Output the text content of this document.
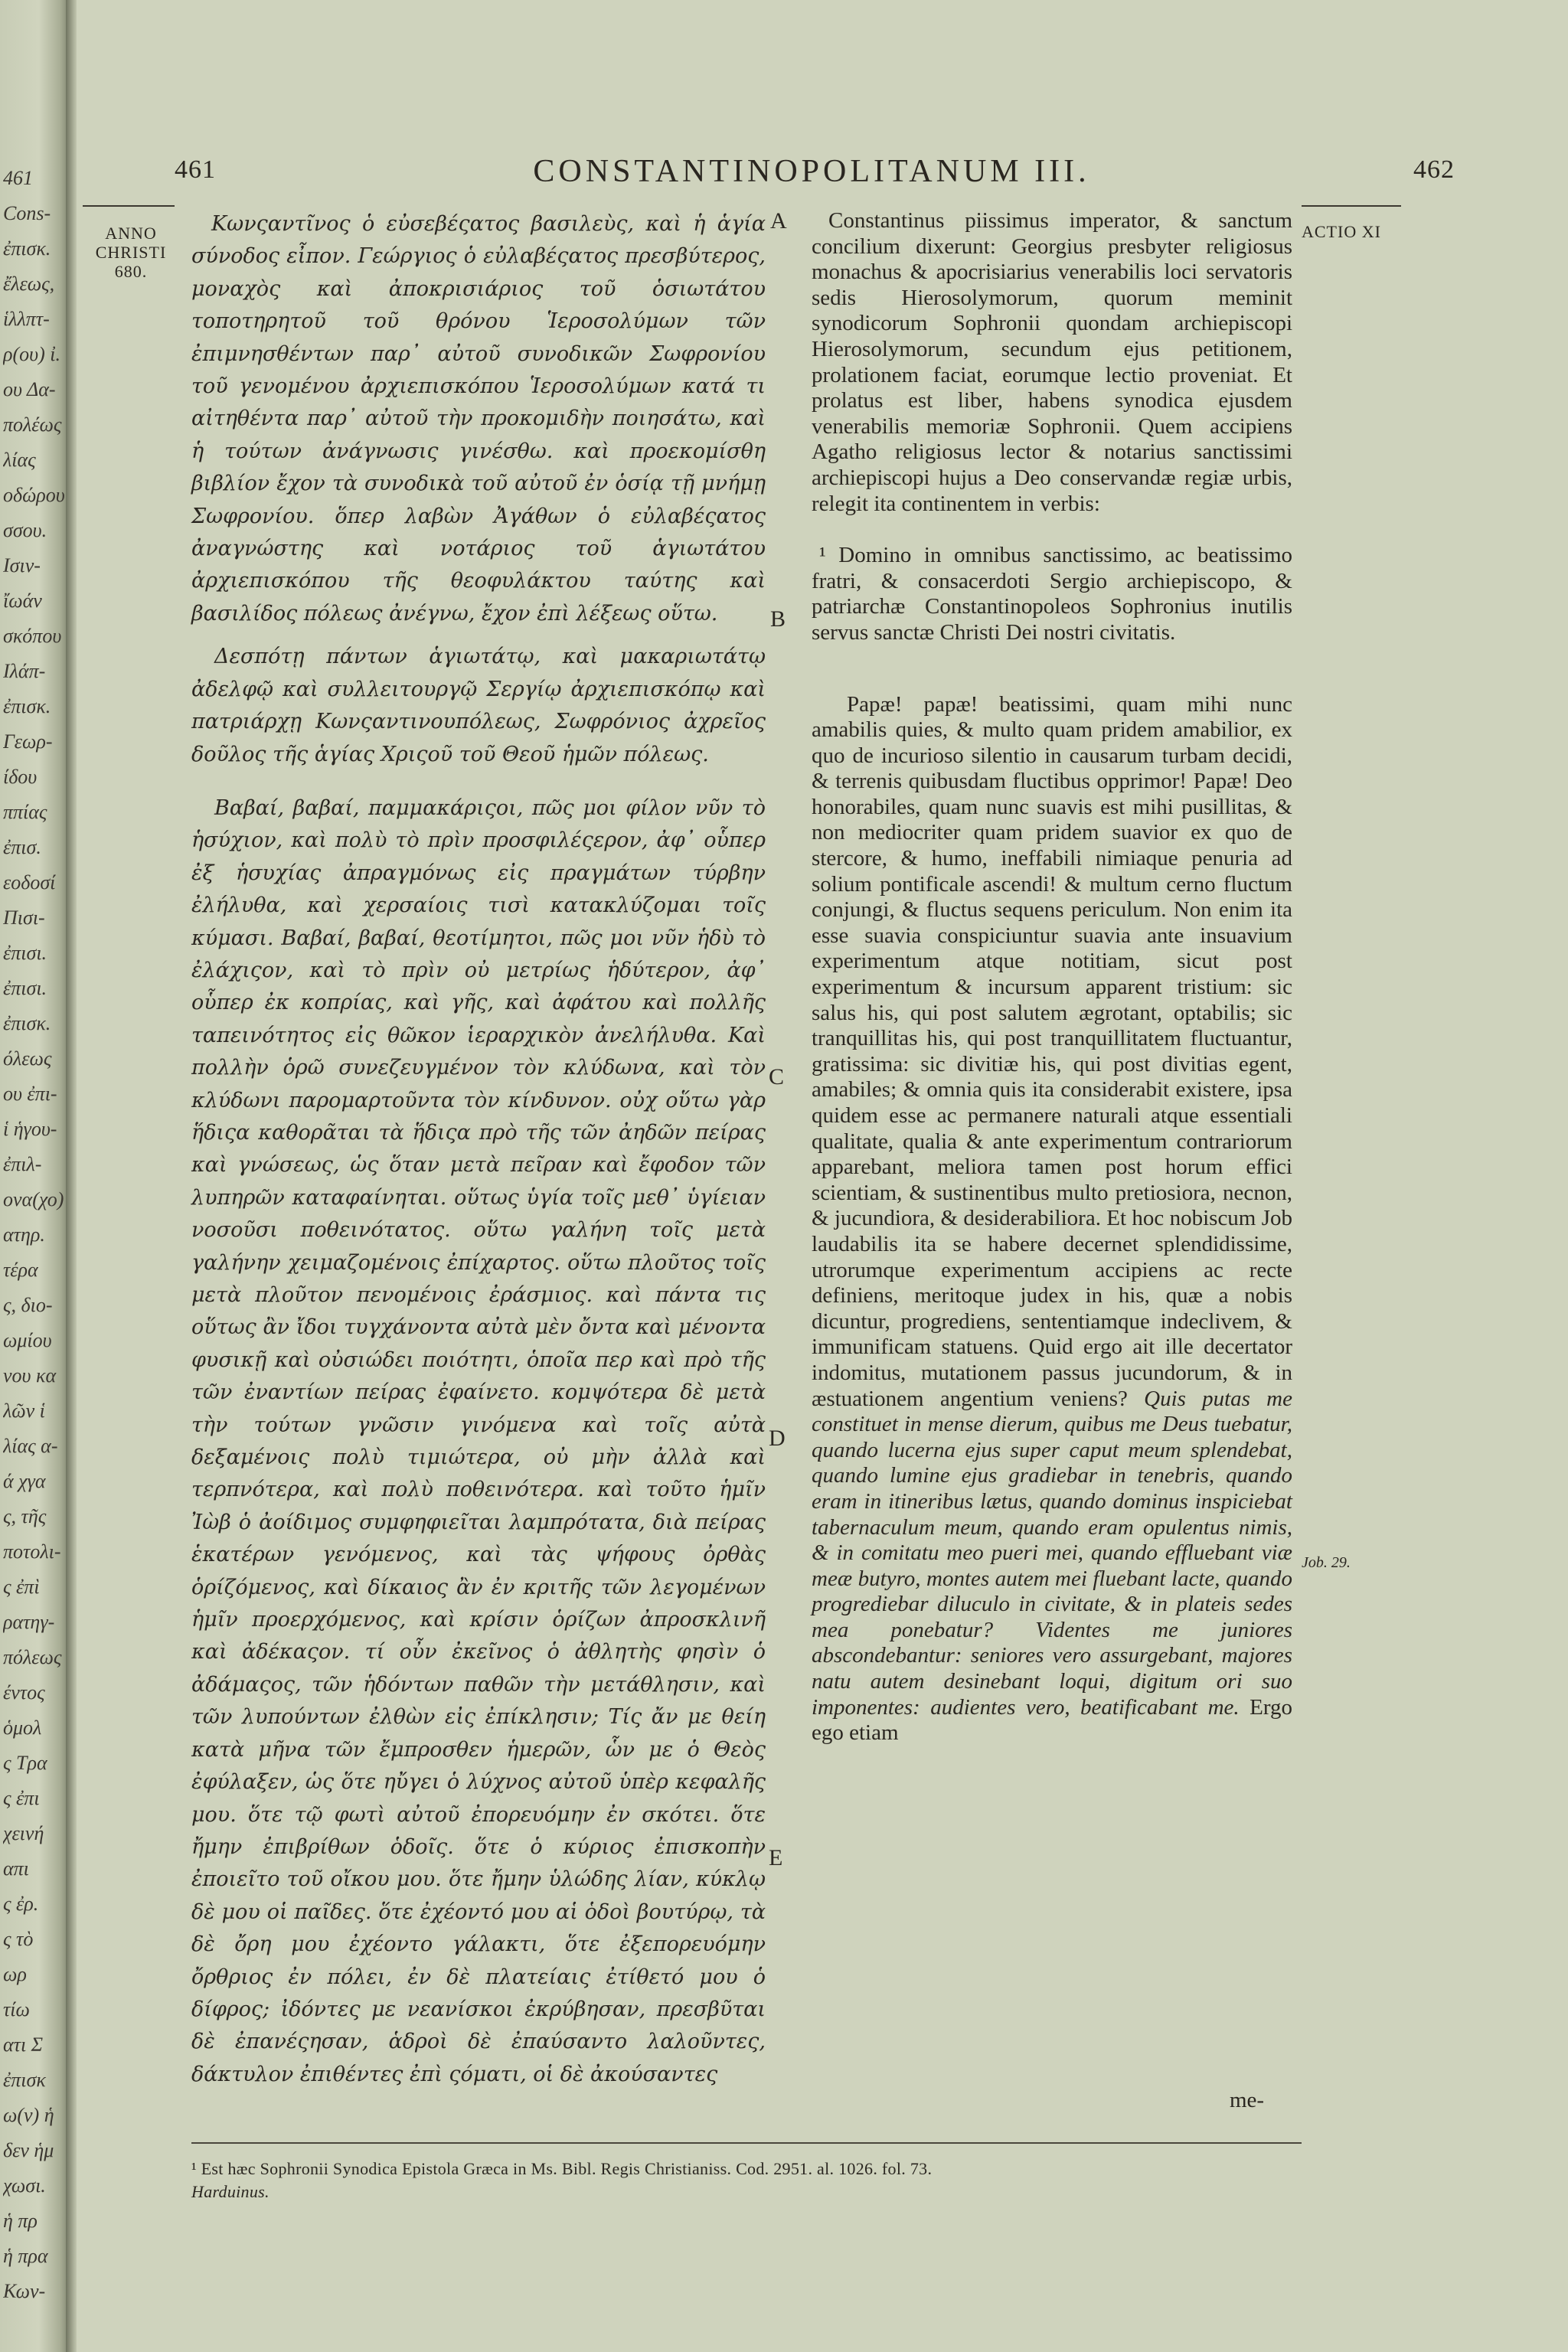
461
Cons-
ἐπισκ.
ἔλεως,
ἱλλπτ-
ρ(ου) ἰ.
ου Δα-
πολέως
λίας
οδώρου
σσου.
Ισιν-
ἴωάν
σκόπου
Ιλάπ-
ἐπισκ.
Γεωρ-
ίδου
ππίας
ἐπισ.
εοδοσί
Πισι-
ἐπισι.
ἐπισι.
ἐπισκ.
όλεως
ου ἐπι-
ἱ ἡγου-
ἐπιλ-
ονα(χο)
ατηρ.
τέρα
ς, διο-
ωμίου
νου κα
λῶν ἱ
λίας α-
ά χγα
ς, τῆς
ποτολι-
ς ἐπὶ
ρατηγ-
πόλεως
έντος
ὁμολ
ς Τρα
ς ἐπι
χεινή
απι
ς ἐρ.
ς τὸ
ωρ
τίω
ατι Σ
ἐπισκ
ω(ν) ἡ
δεν ἡμ
χωσι.
ἡ πρ
ἡ πρα
Κων-
461	CONSTANTINOPOLITANUM III.	462
ANNO
CHRISTI
680.
ACTIO XI

Κωνςαντῖνος ὁ εὐσεβέςατος βασιλεὺς, καὶ ἡ ἁγία σύνοδος εἶπον. Γεώργιος ὁ εὐλαβέςατος πρεσβύτερος, μοναχὸς καὶ ἀποκρισιάριος τοῦ ὁσιωτάτου τοποτηρητοῦ τοῦ θρόνου Ἱεροσολύμων τῶν ἐπιμνησθέντων παρ᾽ αὐτοῦ συνοδικῶν Σωφρονίου τοῦ γενομένου ἀρχιεπισκόπου Ἱεροσολύμων κατά τι αἰτηθέντα παρ᾽ αὐτοῦ τὴν προκομιδὴν ποιησάτω, καὶ ἡ τούτων ἀνάγνωσις γινέσθω. καὶ προεκομίσθη βιβλίον ἔχον τὰ συνοδικὰ τοῦ αὐτοῦ ἐν ὁσίᾳ τῇ μνήμῃ Σωφρονίου. ὅπερ λαβὼν Ἀγάθων ὁ εὐλαβέςατος ἀναγνώστης καὶ νοτάριος τοῦ ἁγιωτάτου ἀρχιεπισκόπου τῆς θεοφυλάκτου ταύτης καὶ βασιλίδος πόλεως ἀνέγνω, ἔχον ἐπὶ λέξεως οὕτω.

Δεσπότῃ πάντων ἁγιωτάτῳ, καὶ μακαριωτάτῳ ἀδελφῷ καὶ συλλειτουργῷ Σεργίῳ ἀρχιεπισκόπῳ καὶ πατριάρχῃ Κωνςαντινουπόλεως, Σωφρόνιος ἀχρεῖος δοῦλος τῆς ἁγίας Χριςοῦ τοῦ Θεοῦ ἡμῶν πόλεως.

Βαβαί, βαβαί, παμμακάριςοι, πῶς μοι φίλον νῦν τὸ ἡσύχιον, καὶ πολὺ τὸ πρὶν προσφιλέςερον, ἀφ᾽ οὗπερ ἐξ ἡσυχίας ἀπραγμόνως εἰς πραγμάτων τύρβην ἐλήλυθα, καὶ χερσαίοις τισὶ κατακλύζομαι τοῖς κύμασι. Βαβαί, βαβαί, θεοτίμητοι, πῶς μοι νῦν ἡδὺ τὸ ἐλάχιςον, καὶ τὸ πρὶν οὐ μετρίως ἡδύτερον, ἀφ᾽ οὗπερ ἐκ κοπρίας, καὶ γῆς, καὶ ἀφάτου καὶ πολλῆς ταπεινότητος εἰς θῶκον ἱεραρχικὸν ἀνελήλυθα. Καὶ πολλὴν ὁρῶ συνεζευγμένον τὸν κλύδωνα, καὶ τὸν κλύδωνι παρομαρτοῦντα τὸν κίνδυνον. οὐχ οὕτω γὰρ ἥδιςα καθορᾶται τὰ ἥδιςα πρὸ τῆς τῶν ἀηδῶν πείρας καὶ γνώσεως, ὡς ὅταν μετὰ πεῖραν καὶ ἔφοδον τῶν λυπηρῶν καταφαίνηται. οὕτως ὑγία τοῖς μεθ᾽ ὑγίειαν νοσοῦσι ποθεινότατος. οὕτω γαλήνη τοῖς μετὰ γαλήνην χειμαζομένοις ἐπίχαρτος. οὕτω πλοῦτος τοῖς μετὰ πλοῦτον πενομένοις ἐράσμιος. καὶ πάντα τις οὕτως ἂν ἴδοι τυγχάνοντα αὐτὰ μὲν ὄντα καὶ μένοντα φυσικῇ καὶ οὐσιώδει ποιότητι, ὁποῖα περ καὶ πρὸ τῆς τῶν ἐναντίων πείρας ἐφαίνετο. κομψότερα δὲ μετὰ τὴν τούτων γνῶσιν γινόμενα καὶ τοῖς αὐτὰ δεξαμένοις πολὺ τιμιώτερα, οὐ μὴν ἀλλὰ καὶ τερπνότερα, καὶ πολὺ ποθεινότερα. καὶ τοῦτο ἡμῖν Ἰὼβ ὁ ἀοίδιμος συμφηφιεῖται λαμπρότατα, διὰ πείρας ἑκατέρων γενόμενος, καὶ τὰς ψήφους ὀρθὰς ὁρίζόμενος, καὶ δίκαιος ἂν ἐν κριτῆς τῶν λεγομένων ἡμῖν προερχόμενος, καὶ κρίσιν ὁρίζων ἀπροσκλινῆ καὶ ἀδέκαςον. τί οὖν ἐκεῖνος ὁ ἀθλητὴς φησὶν ὁ ἀδάμαςος, τῶν ἡδόντων παθῶν τὴν μετάθλησιν, καὶ τῶν λυπούντων ἐλθὼν εἰς ἐπίκλησιν; Τίς ἄν με θείη κατὰ μῆνα τῶν ἔμπροσθεν ἡμερῶν, ὧν με ὁ Θεὸς ἐφύλαξεν, ὡς ὅτε ηὔγει ὁ λύχνος αὐτοῦ ὑπὲρ κεφαλῆς μου. ὅτε τῷ φωτὶ αὐτοῦ ἐπορευόμην ἐν σκότει. ὅτε ἤμην ἐπιβρίθων ὁδοῖς. ὅτε ὁ κύριος ἐπισκοπὴν ἐποιεῖτο τοῦ οἴκου μου. ὅτε ἤμην ὑλώδης λίαν, κύκλῳ δὲ μου οἱ παῖδες. ὅτε ἐχέοντό μου αἱ ὁδοὶ βουτύρῳ, τὰ δὲ ὄρη μου ἐχέοντο γάλακτι, ὅτε ἐξεπορευόμην ὄρθριος ἐν πόλει, ἐν δὲ πλατείαις ἐτίθετό μου ὁ δίφρος; ἰδόντες με νεανίσκοι ἐκρύβησαν, πρεσβῦται δὲ ἐπανέςησαν, ἁδροὶ δὲ ἐπαύσαντο λαλοῦντες, δάκτυλον ἐπιθέντες ἐπὶ ςόματι, οἱ δὲ ἀκούσαντες

A
B
C
D
E

Constantinus piissimus imperator, & sanctum concilium dixerunt: Georgius presbyter religiosus monachus & apocrisiarius venerabilis loci servatoris sedis Hierosolymorum, quorum meminit synodicorum Sophronii quondam archiepiscopi Hierosolymorum, secundum ejus petitionem, prolationem faciat, eorumque lectio proveniat. Et prolatus est liber, habens synodica ejusdem venerabilis memoriæ Sophronii. Quem accipiens Agatho religiosus lector & notarius sanctissimi archiepiscopi hujus a Deo conservandæ regiæ urbis, relegit ita continentem in verbis:

¹ Domino in omnibus sanctissimo, ac beatissimo fratri, & consacerdoti Sergio archiepiscopo, & patriarchæ Constantinopoleos Sophronius inutilis servus sanctæ Christi Dei nostri civitatis.

Papæ! papæ! beatissimi, quam mihi nunc amabilis quies, & multo quam pridem amabilior, ex quo de incurioso silentio in causarum turbam decidi, & terrenis quibusdam fluctibus opprimor! Papæ! Deo honorabiles, quam nunc suavis est mihi pusillitas, & non mediocriter quam pridem suavior ex quo de stercore, & humo, ineffabili nimiaque penuria ad solium pontificale ascendi! & multum cerno fluctum conjungi, & fluctus sequens periculum. Non enim ita esse suavia conspiciuntur suavia ante insuavium experimentum atque notitiam, sicut post experimentum & incursum apparent tristium: sic salus his, qui post salutem ægrotant, optabilis; sic tranquillitas his, qui post tranquillitatem fluctuantur, gratissima: sic divitiæ his, qui post divitias egent, amabiles; & omnia quis ita considerabit existere, ipsa quidem esse ac permanere naturali atque essentiali qualitate, qualia & ante experimentum contrariorum apparebant, meliora tamen post horum effici scientiam, & sustinentibus multo pretiosiora, necnon, & jucundiora, & desiderabiliora. Et hoc nobiscum Job laudabilis ita se habere decernet splendidissime, utrorumque experimentum accipiens ac recte definiens, meritoque judex in his, quæ a nobis dicuntur, progrediens, sententiamque indeclivem, & immunificam statuens. Quid ergo ait ille decertator indomitus, mutationem passus jucundorum, & in æstuationem angentium veniens? Quis putas me constituet in mense dierum, quibus me Deus tuebatur, quando lucerna ejus super caput meum splendebat, quando lumine ejus gradiebar in tenebris, quando eram in itineribus lætus, quando dominus inspiciebat tabernaculum meum, quando eram opulentus nimis, & in comitatu meo pueri mei, quando effluebant viæ meæ butyro, montes autem mei fluebant lacte, quando progrediebar diluculo in civitate, & in plateis sedes mea ponebatur? Videntes me juniores abscondebantur: seniores vero assurgebant, majores natu autem desinebant loqui, digitum ori suo imponentes: audientes vero, beatificabant me. Ergo ego etiam

Job. 29.
me-
¹ Est hæc Sophronii Synodica Epistola Græca in Ms. Bibl. Regis Christianiss. Cod. 2951. al. 1026. fol. 73.
Harduinus.
